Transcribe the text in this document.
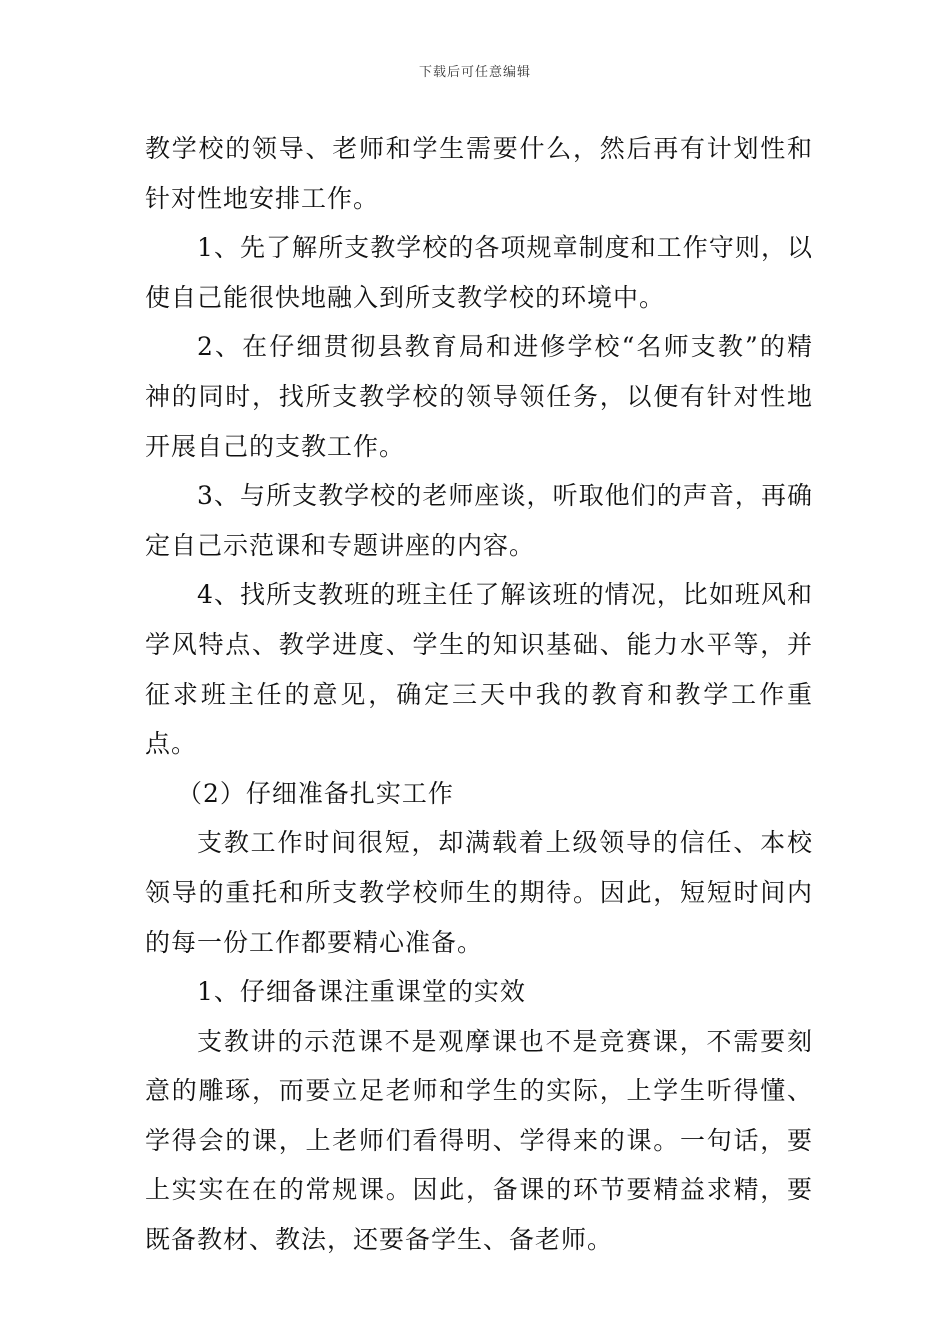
下载后可任意编辑

教学校的领导、老师和学生需要什么，然后再有计划性和针对性地安排工作。

1、先了解所支教学校的各项规章制度和工作守则，以使自己能很快地融入到所支教学校的环境中。

2、在仔细贯彻县教育局和进修学校“名师支教”的精神的同时，找所支教学校的领导领任务，以便有针对性地开展自己的支教工作。

3、与所支教学校的老师座谈，听取他们的声音，再确定自己示范课和专题讲座的内容。

4、找所支教班的班主任了解该班的情况，比如班风和学风特点、教学进度、学生的知识基础、能力水平等，并征求班主任的意见，确定三天中我的教育和教学工作重点。

（2）仔细准备扎实工作

支教工作时间很短，却满载着上级领导的信任、本校领导的重托和所支教学校师生的期待。因此，短短时间内的每一份工作都要精心准备。

1、仔细备课注重课堂的实效

支教讲的示范课不是观摩课也不是竞赛课，不需要刻意的雕琢，而要立足老师和学生的实际，上学生听得懂、学得会的课，上老师们看得明、学得来的课。一句话，要上实实在在的常规课。因此，备课的环节要精益求精，要既备教材、教法，还要备学生、备老师。
